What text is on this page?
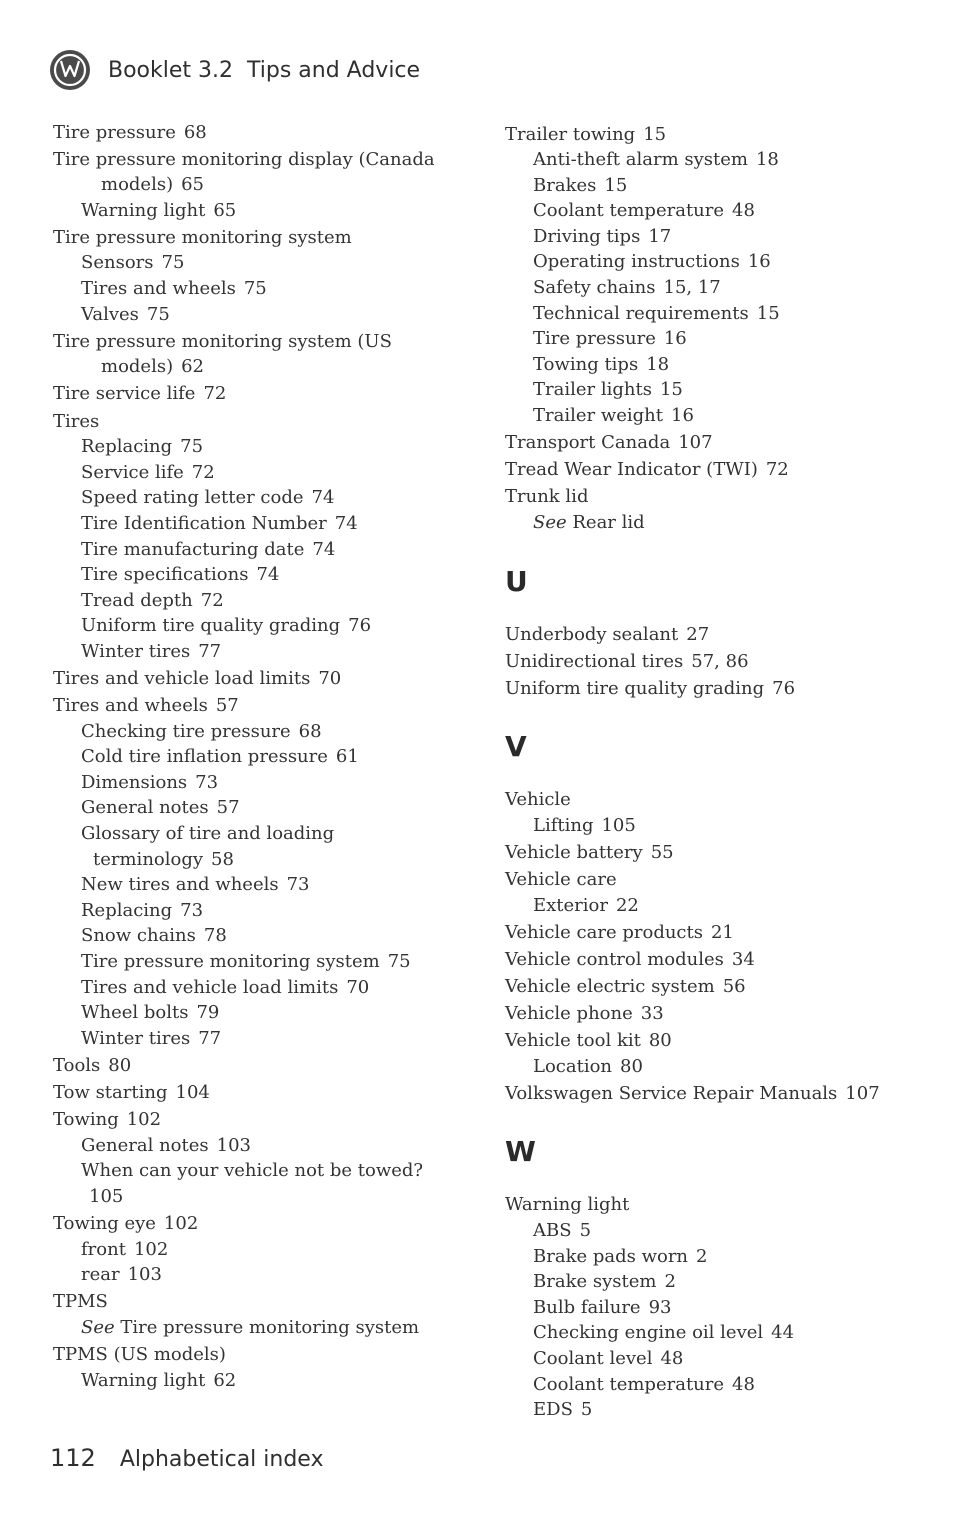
Booklet 3.2  Tips and Advice
Tire pressure 68
Tire pressure monitoring display (Canada
models) 65
Warning light 65
Tire pressure monitoring system
Sensors 75
Tires and wheels 75
Valves 75
Tire pressure monitoring system (US
models) 62
Tire service life 72
Tires
Replacing 75
Service life 72
Speed rating letter code 74
Tire Identification Number 74
Tire manufacturing date 74
Tire specifications 74
Tread depth 72
Uniform tire quality grading 76
Winter tires 77
Tires and vehicle load limits 70
Tires and wheels 57
Checking tire pressure 68
Cold tire inflation pressure 61
Dimensions 73
General notes 57
Glossary of tire and loading
terminology 58
New tires and wheels 73
Replacing 73
Snow chains 78
Tire pressure monitoring system 75
Tires and vehicle load limits 70
Wheel bolts 79
Winter tires 77
Tools 80
Tow starting 104
Towing 102
General notes 103
When can your vehicle not be towed?105
Towing eye 102
front 102
rear 103
TPMS
See Tire pressure monitoring system
TPMS (US models)
Warning light 62
Trailer towing 15
Anti-theft alarm system 18
Brakes 15
Coolant temperature 48
Driving tips 17
Operating instructions 16
Safety chains 15, 17
Technical requirements 15
Tire pressure 16
Towing tips 18
Trailer lights 15
Trailer weight 16
Transport Canada 107
Tread Wear Indicator (TWI) 72
Trunk lid
See Rear lid
U
Underbody sealant 27
Unidirectional tires 57, 86
Uniform tire quality grading 76
V
Vehicle
Lifting 105
Vehicle battery 55
Vehicle care
Exterior 22
Vehicle care products 21
Vehicle control modules 34
Vehicle electric system 56
Vehicle phone 33
Vehicle tool kit 80
Location 80
Volkswagen Service Repair Manuals 107
W
Warning light
ABS 5
Brake pads worn 2
Brake system 2
Bulb failure 93
Checking engine oil level 44
Coolant level 48
Coolant temperature 48
EDS 5
112 Alphabetical index
